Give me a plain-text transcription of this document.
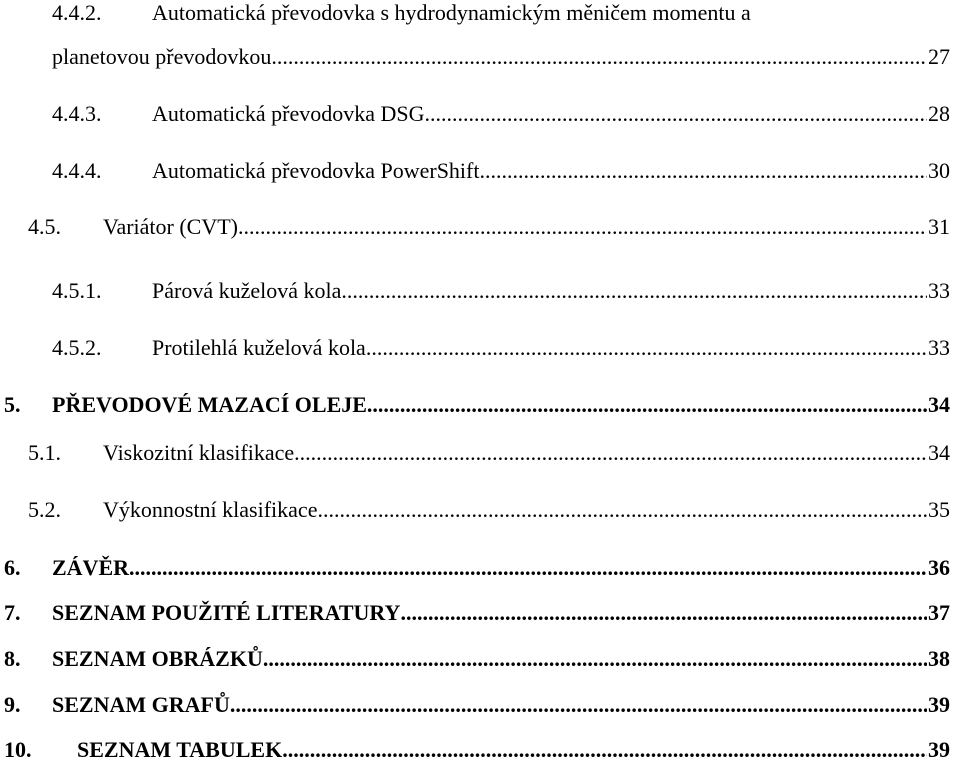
4.4.2. Automatická převodovka s hydrodynamickým měničem momentu a
planetovou převodovkou .....	27
4.4.3.	Automatická převodovka DSG .....	28
4.4.4.	Automatická převodovka PowerShift .....	30
4.5.	Variátor (CVT) .....	31
4.5.1.	Párová kuželová kola .....	33
4.5.2.	Protilehlá kuželová kola .....	33
5.	PŘEVODOVÉ MAZACÍ OLEJE .....	34
5.1.	Viskozitní klasifikace .....	34
5.2.	Výkonnostní klasifikace .....	35
6.	ZÁVĚR .....	36
7.	SEZNAM POUŽITÉ LITERATURY .....	37
8.	SEZNAM OBRÁZKŮ .....	38
9.	SEZNAM GRAFŮ .....	39
10.	SEZNAM TABULEK .....	39
